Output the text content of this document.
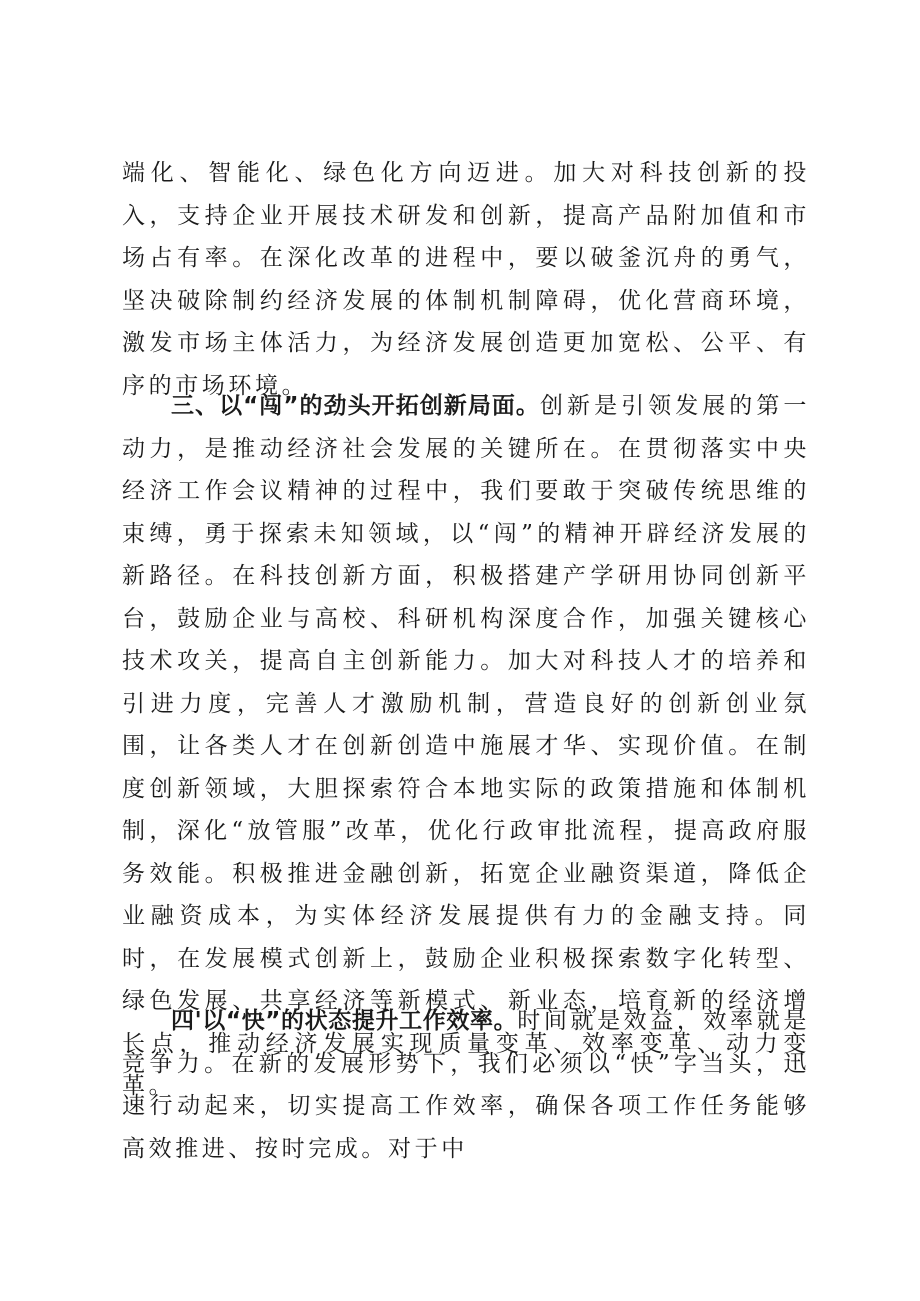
端化、智能化、绿色化方向迈进。加大对科技创新的投入，支持企业开展技术研发和创新，提高产品附加值和市场占有率。在深化改革的进程中，要以破釜沉舟的勇气，坚决破除制约经济发展的体制机制障碍，优化营商环境，激发市场主体活力，为经济发展创造更加宽松、公平、有序的市场环境。

三、以“闯”的劲头开拓创新局面。创新是引领发展的第一动力，是推动经济社会发展的关键所在。在贯彻落实中央经济工作会议精神的过程中，我们要敢于突破传统思维的束缚，勇于探索未知领域，以“闯”的精神开辟经济发展的新路径。在科技创新方面，积极搭建产学研用协同创新平台，鼓励企业与高校、科研机构深度合作，加强关键核心技术攻关，提高自主创新能力。加大对科技人才的培养和引进力度，完善人才激励机制，营造良好的创新创业氛围，让各类人才在创新创造中施展才华、实现价值。在制度创新领域，大胆探索符合本地实际的政策措施和体制机制，深化“放管服”改革，优化行政审批流程，提高政府服务效能。积极推进金融创新，拓宽企业融资渠道，降低企业融资成本，为实体经济发展提供有力的金融支持。同时，在发展模式创新上，鼓励企业积极探索数字化转型、绿色发展、共享经济等新模式、新业态，培育新的经济增长点，推动经济发展实现质量变革、效率变革、动力变革。

四'以“快”的状态提升工作效率。时间就是效益，效率就是竞争力。在新的发展形势下，我们必须以“快”字当头，迅速行动起来，切实提高工作效率，确保各项工作任务能够高效推进、按时完成。对于中
